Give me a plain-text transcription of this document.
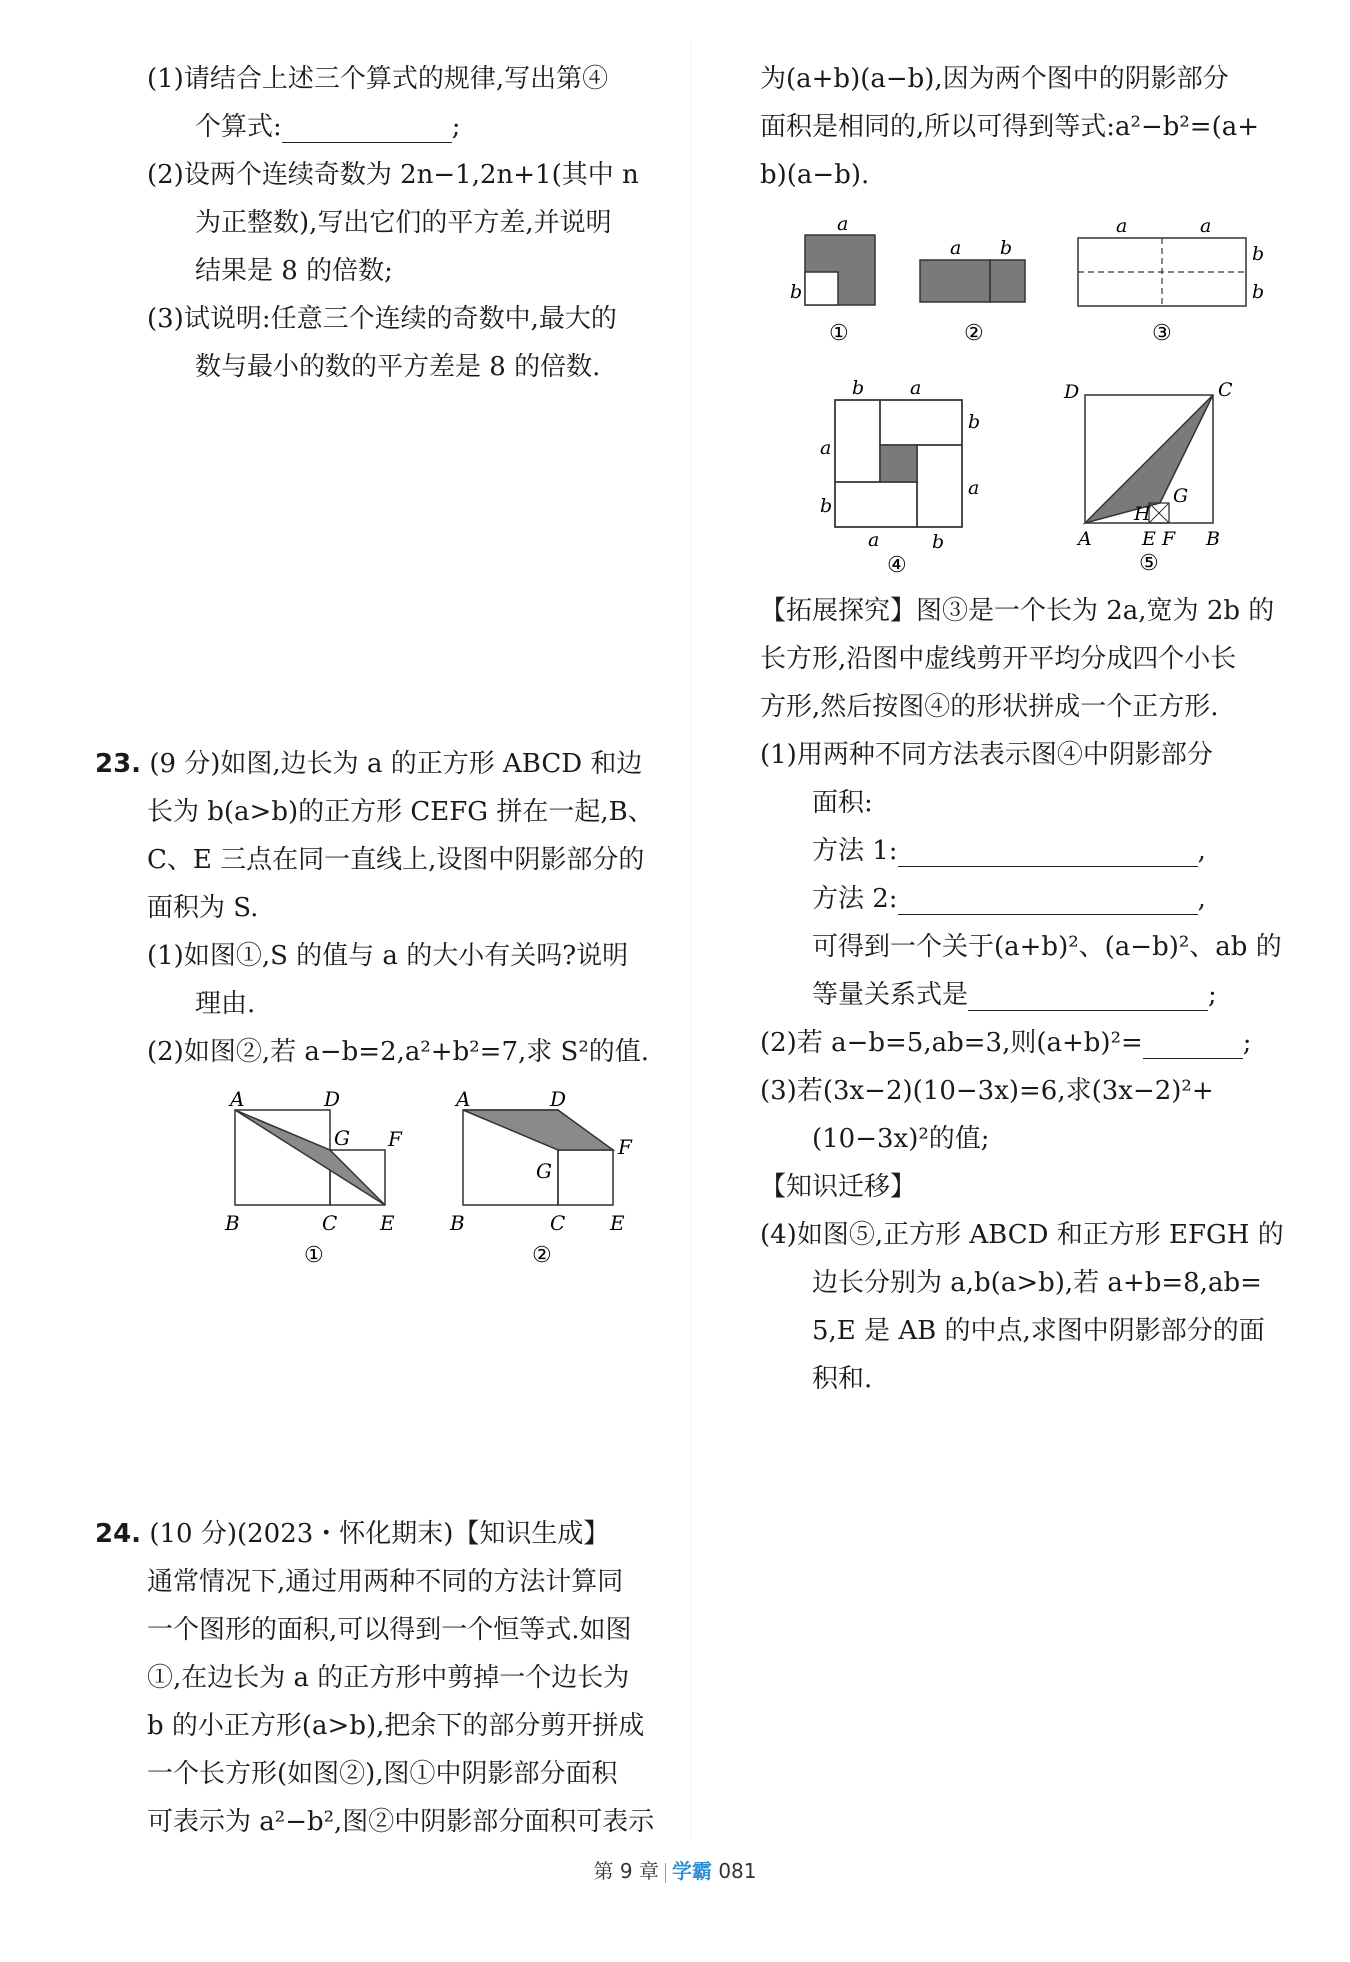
(1)请结合上述三个算式的规律,写出第④
个算式:	;
(2)设两个连续奇数为 2n−1,2n+1(其中 n
为正整数),写出它们的平方差,并说明
结果是 8 的倍数;
(3)试说明:任意三个连续的奇数中,最大的
数与最小的数的平方差是 8 的倍数.
23. (9 分)如图,边长为 a 的正方形 ABCD 和边
长为 b(a>b)的正方形 CEFG 拼在一起,B、
C、E 三点在同一直线上,设图中阴影部分的
面积为 S.
(1)如图①,S 的值与 a 的大小有关吗?说明
理由.
(2)如图②,若 a−b=2,a²+b²=7,求 S²的值.
A	D
G F
B	C E
①
A	D
G
F
B	C E
②
24. (10 分)(2023・怀化期末)【知识生成】
通常情况下,通过用两种不同的方法计算同
一个图形的面积,可以得到一个恒等式.如图
①,在边长为 a 的正方形中剪掉一个边长为
b 的小正方形(a>b),把余下的部分剪开拼成
一个长方形(如图②),图①中阴影部分面积
可表示为 a²−b²,图②中阴影部分面积可表示
为(a+b)(a−b),因为两个图中的阴影部分
面积是相同的,所以可得到等式:a²−b²=(a+
b)(a−b).
a
b
①
a b
②
a	a
b
b
③
b a
b
a
a
b
a	b
④
D	C
G
H
A	E F B
⑤
【拓展探究】图③是一个长为 2a,宽为 2b 的
长方形,沿图中虚线剪开平均分成四个小长
方形,然后按图④的形状拼成一个正方形.
(1)用两种不同方法表示图④中阴影部分
面积:
方法 1:	,
方法 2:	,
可得到一个关于(a+b)²、(a−b)²、ab 的
等量关系式是	;
(2)若 a−b=5,ab=3,则(a+b)²=	;
(3)若(3x−2)(10−3x)=6,求(3x−2)²+
(10−3x)²的值;
【知识迁移】
(4)如图⑤,正方形 ABCD 和正方形 EFGH 的
边长分别为 a,b(a>b),若 a+b=8,ab=
5,E 是 AB 的中点,求图中阴影部分的面
积和.
第 9 章 学霸 081
